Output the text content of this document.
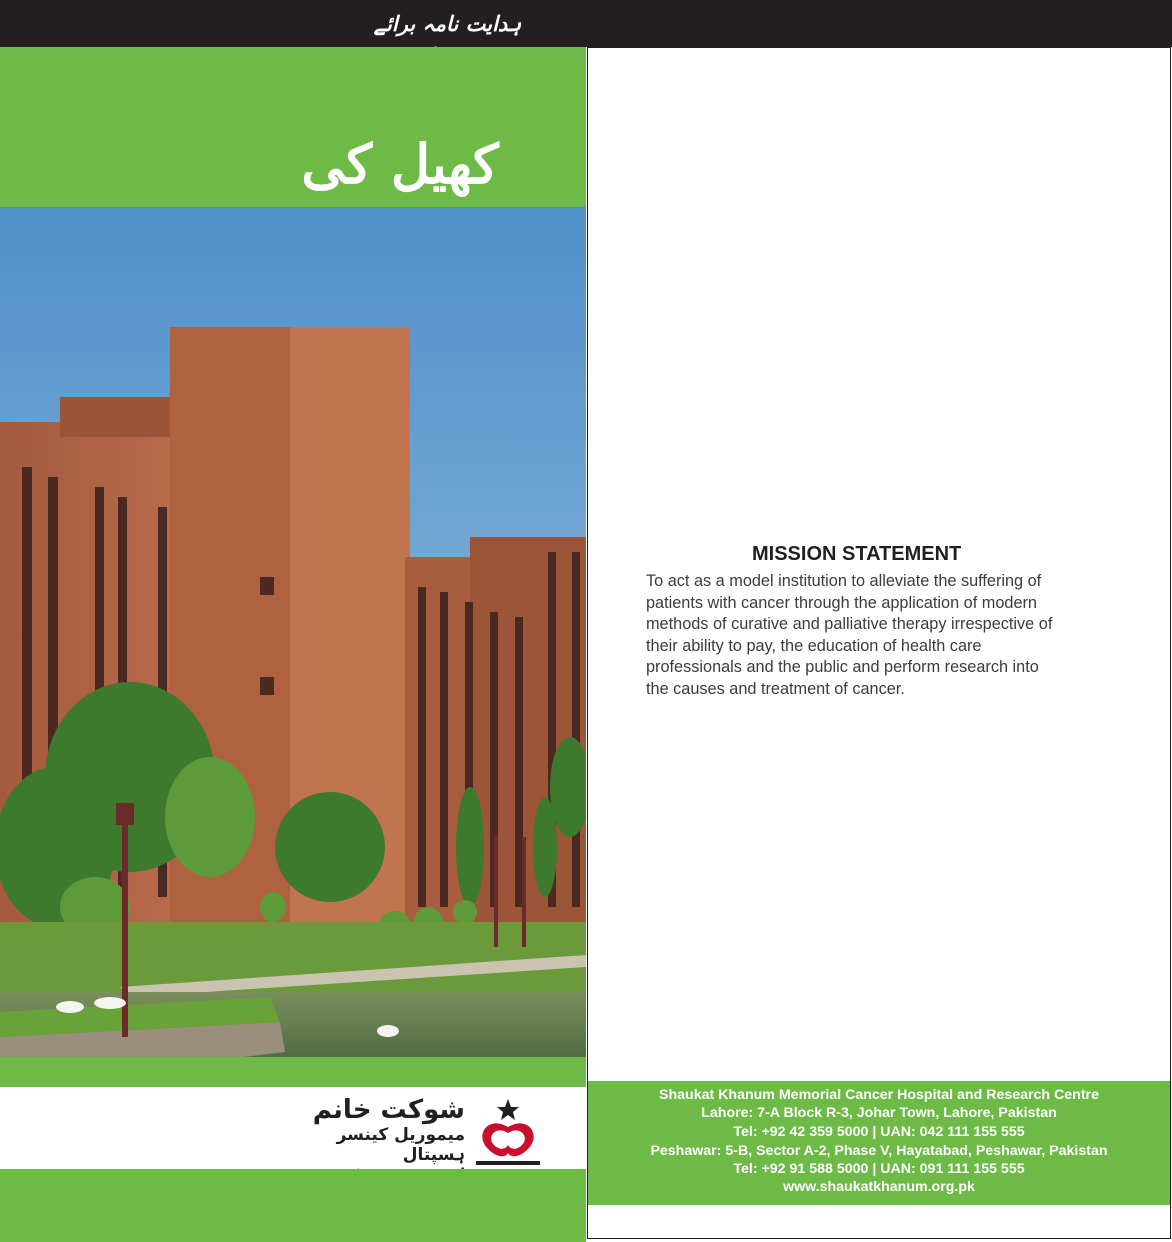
ہدایت نامہ برائے
کھیل کی
شوکت خانم
میموریل کینسر ہسپتال
MISSION STATEMENT
To act as a model institution to alleviate the suffering of
patients with cancer through the application of modern
methods of curative and palliative therapy irrespective of
their ability to pay, the education of health care
professionals and the public and perform research into
the causes and treatment of cancer.
Shaukat Khanum Memorial Cancer Hospital and Research Centre
Lahore: 7-A Block R-3, Johar Town, Lahore, Pakistan
Tel: +92 42 359 5000 | UAN: 042 111 155 555
Peshawar: 5-B, Sector A-2, Phase V, Hayatabad, Peshawar, Pakistan
Tel: +92 91 588 5000 | UAN: 091 111 155 555
www.shaukatkhanum.org.pk
